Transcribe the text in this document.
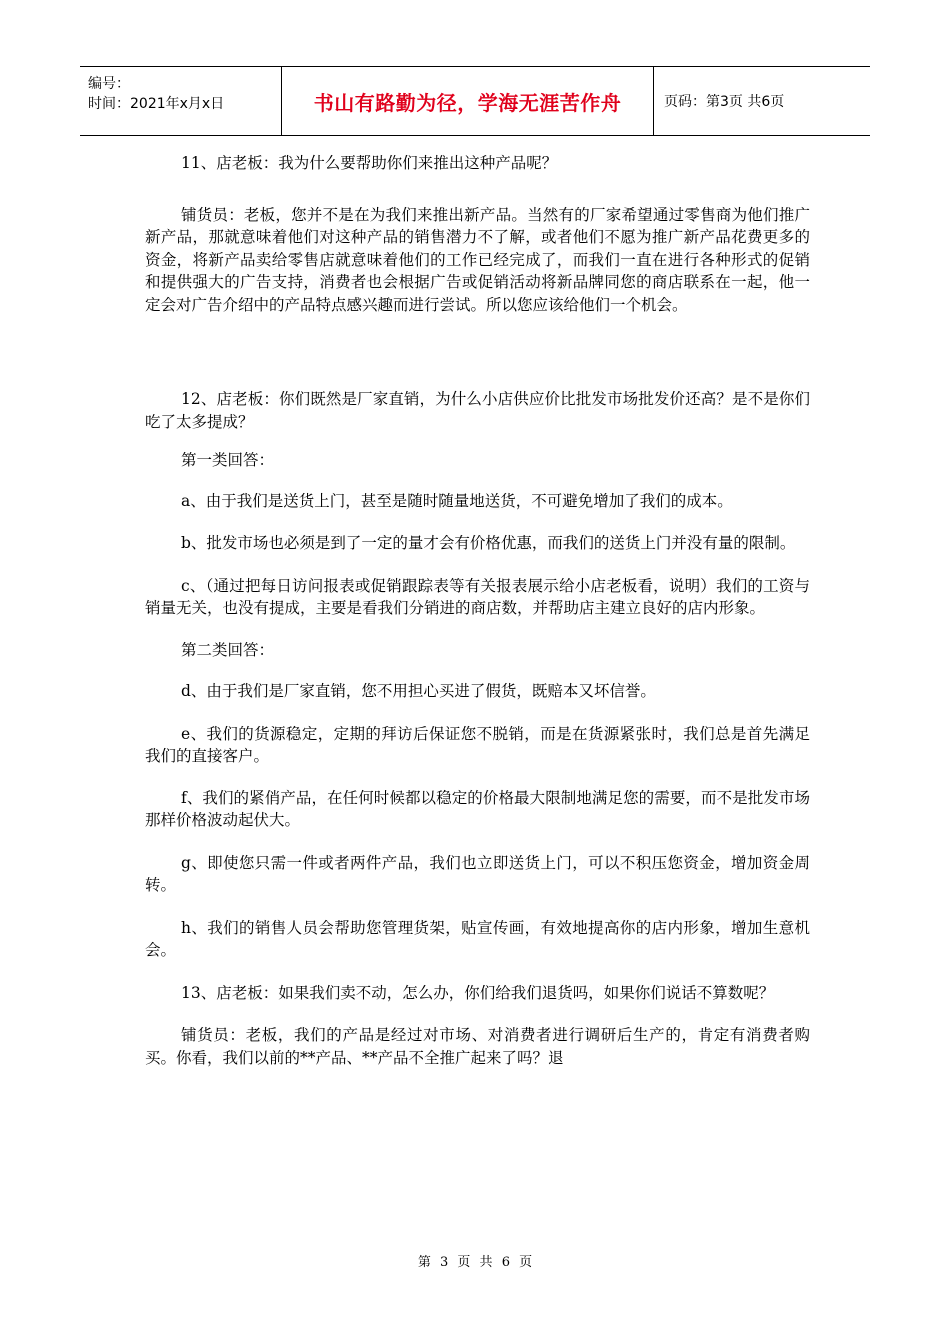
编号：
时间：2021年x月x日	书山有路勤为径，学海无涯苦作舟	页码：第3页 共6页

11、店老板：我为什么要帮助你们来推出这种产品呢？

铺货员：老板，您并不是在为我们来推出新产品。当然有的厂家希望通过零售商为他们推广新产品，那就意味着他们对这种产品的销售潜力不了解，或者他们不愿为推广新产品花费更多的资金，将新产品卖给零售店就意味着他们的工作已经完成了，而我们一直在进行各种形式的促销和提供强大的广告支持，消费者也会根据广告或促销活动将新品牌同您的商店联系在一起，他一定会对广告介绍中的产品特点感兴趣而进行尝试。所以您应该给他们一个机会。

12、店老板：你们既然是厂家直销，为什么小店供应价比批发市场批发价还高？是不是你们吃了太多提成？

第一类回答：

a、由于我们是送货上门，甚至是随时随量地送货，不可避免增加了我们的成本。

b、批发市场也必须是到了一定的量才会有价格优惠，而我们的送货上门并没有量的限制。

c、（通过把每日访问报表或促销跟踪表等有关报表展示给小店老板看，说明）我们的工资与销量无关，也没有提成，主要是看我们分销进的商店数，并帮助店主建立良好的店内形象。

第二类回答：

d、由于我们是厂家直销，您不用担心买进了假货，既赔本又坏信誉。

e、我们的货源稳定，定期的拜访后保证您不脱销，而是在货源紧张时，我们总是首先满足我们的直接客户。

f、我们的紧俏产品，在任何时候都以稳定的价格最大限制地满足您的需要，而不是批发市场那样价格波动起伏大。

g、即使您只需一件或者两件产品，我们也立即送货上门，可以不积压您资金，增加资金周转。

h、我们的销售人员会帮助您管理货架，贴宣传画，有效地提高你的店内形象，增加生意机会。

13、店老板：如果我们卖不动，怎么办，你们给我们退货吗，如果你们说话不算数呢？

铺货员：老板，我们的产品是经过对市场、对消费者进行调研后生产的，肯定有消费者购买。你看，我们以前的**产品、**产品不全推广起来了吗？退

第 3 页 共 6 页
